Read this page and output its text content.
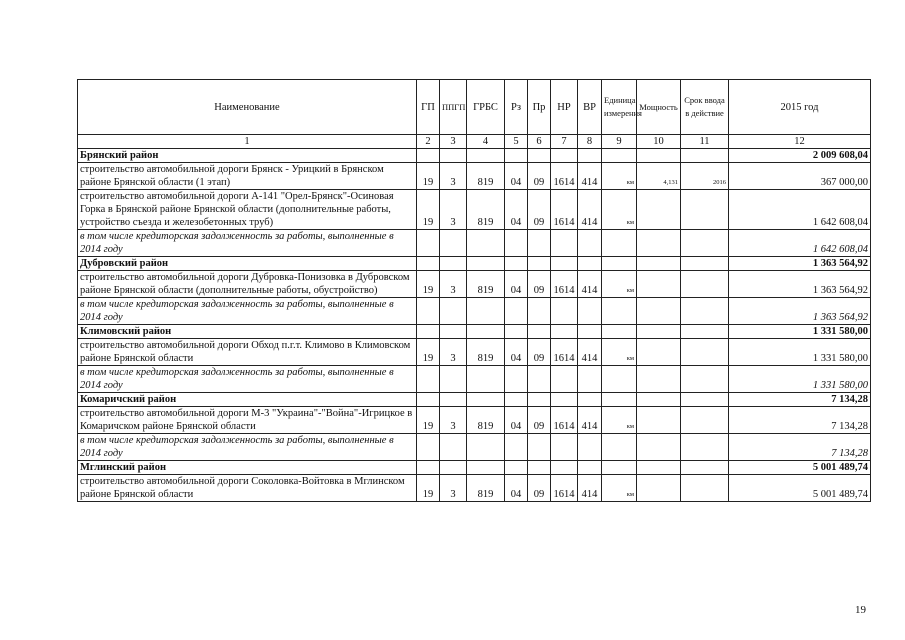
Наименование	ГП	ППГП	ГРБС	Рз	Пр	НР	ВР	Единица измерения	Мощность	Срок ввода в действие	2015 год
1	2	3	4	5	6	7	8	9	10	11	12
Брянский район											2 009 608,04
строительство автомобильной дороги Брянск - Урицкий в Брянском районе Брянской области (1 этап)	19	3	819	04	09	1614	414	км	4,131	2016	367 000,00
строительство автомобильной дороги А-141 "Орел-Брянск"-Осиновая Горка в Брянской районе Брянской области (дополнительные работы, устройство съезда и железобетонных труб)	19	3	819	04	09	1614	414	км			1 642 608,04
в том числе кредиторская задолженность за работы, выполненные в 2014 году											1 642 608,04
Дубровский район											1 363 564,92
строительство автомобильной дороги Дубровка-Понизовка в Дубровском районе Брянской области (дополнительные работы, обустройство)	19	3	819	04	09	1614	414	км			1 363 564,92
в том числе кредиторская задолженность за работы, выполненные в 2014 году											1 363 564,92
Климовский район											1 331 580,00
строительство автомобильной дороги Обход п.г.т. Климово в Климовском районе Брянской области	19	3	819	04	09	1614	414	км			1 331 580,00
в том числе кредиторская задолженность за работы, выполненные в 2014 году											1 331 580,00
Комаричский район											7 134,28
строительство автомобильной дороги М-3 "Украина"-"Война"-Игрицкое в Комаричском районе Брянской области	19	3	819	04	09	1614	414	км			7 134,28
в том числе кредиторская задолженность за работы, выполненные в 2014 году											7 134,28
Мглинский район											5 001 489,74
строительство автомобильной дороги Соколовка-Войтовка в Мглинском районе Брянской области	19	3	819	04	09	1614	414	км			5 001 489,74
19
